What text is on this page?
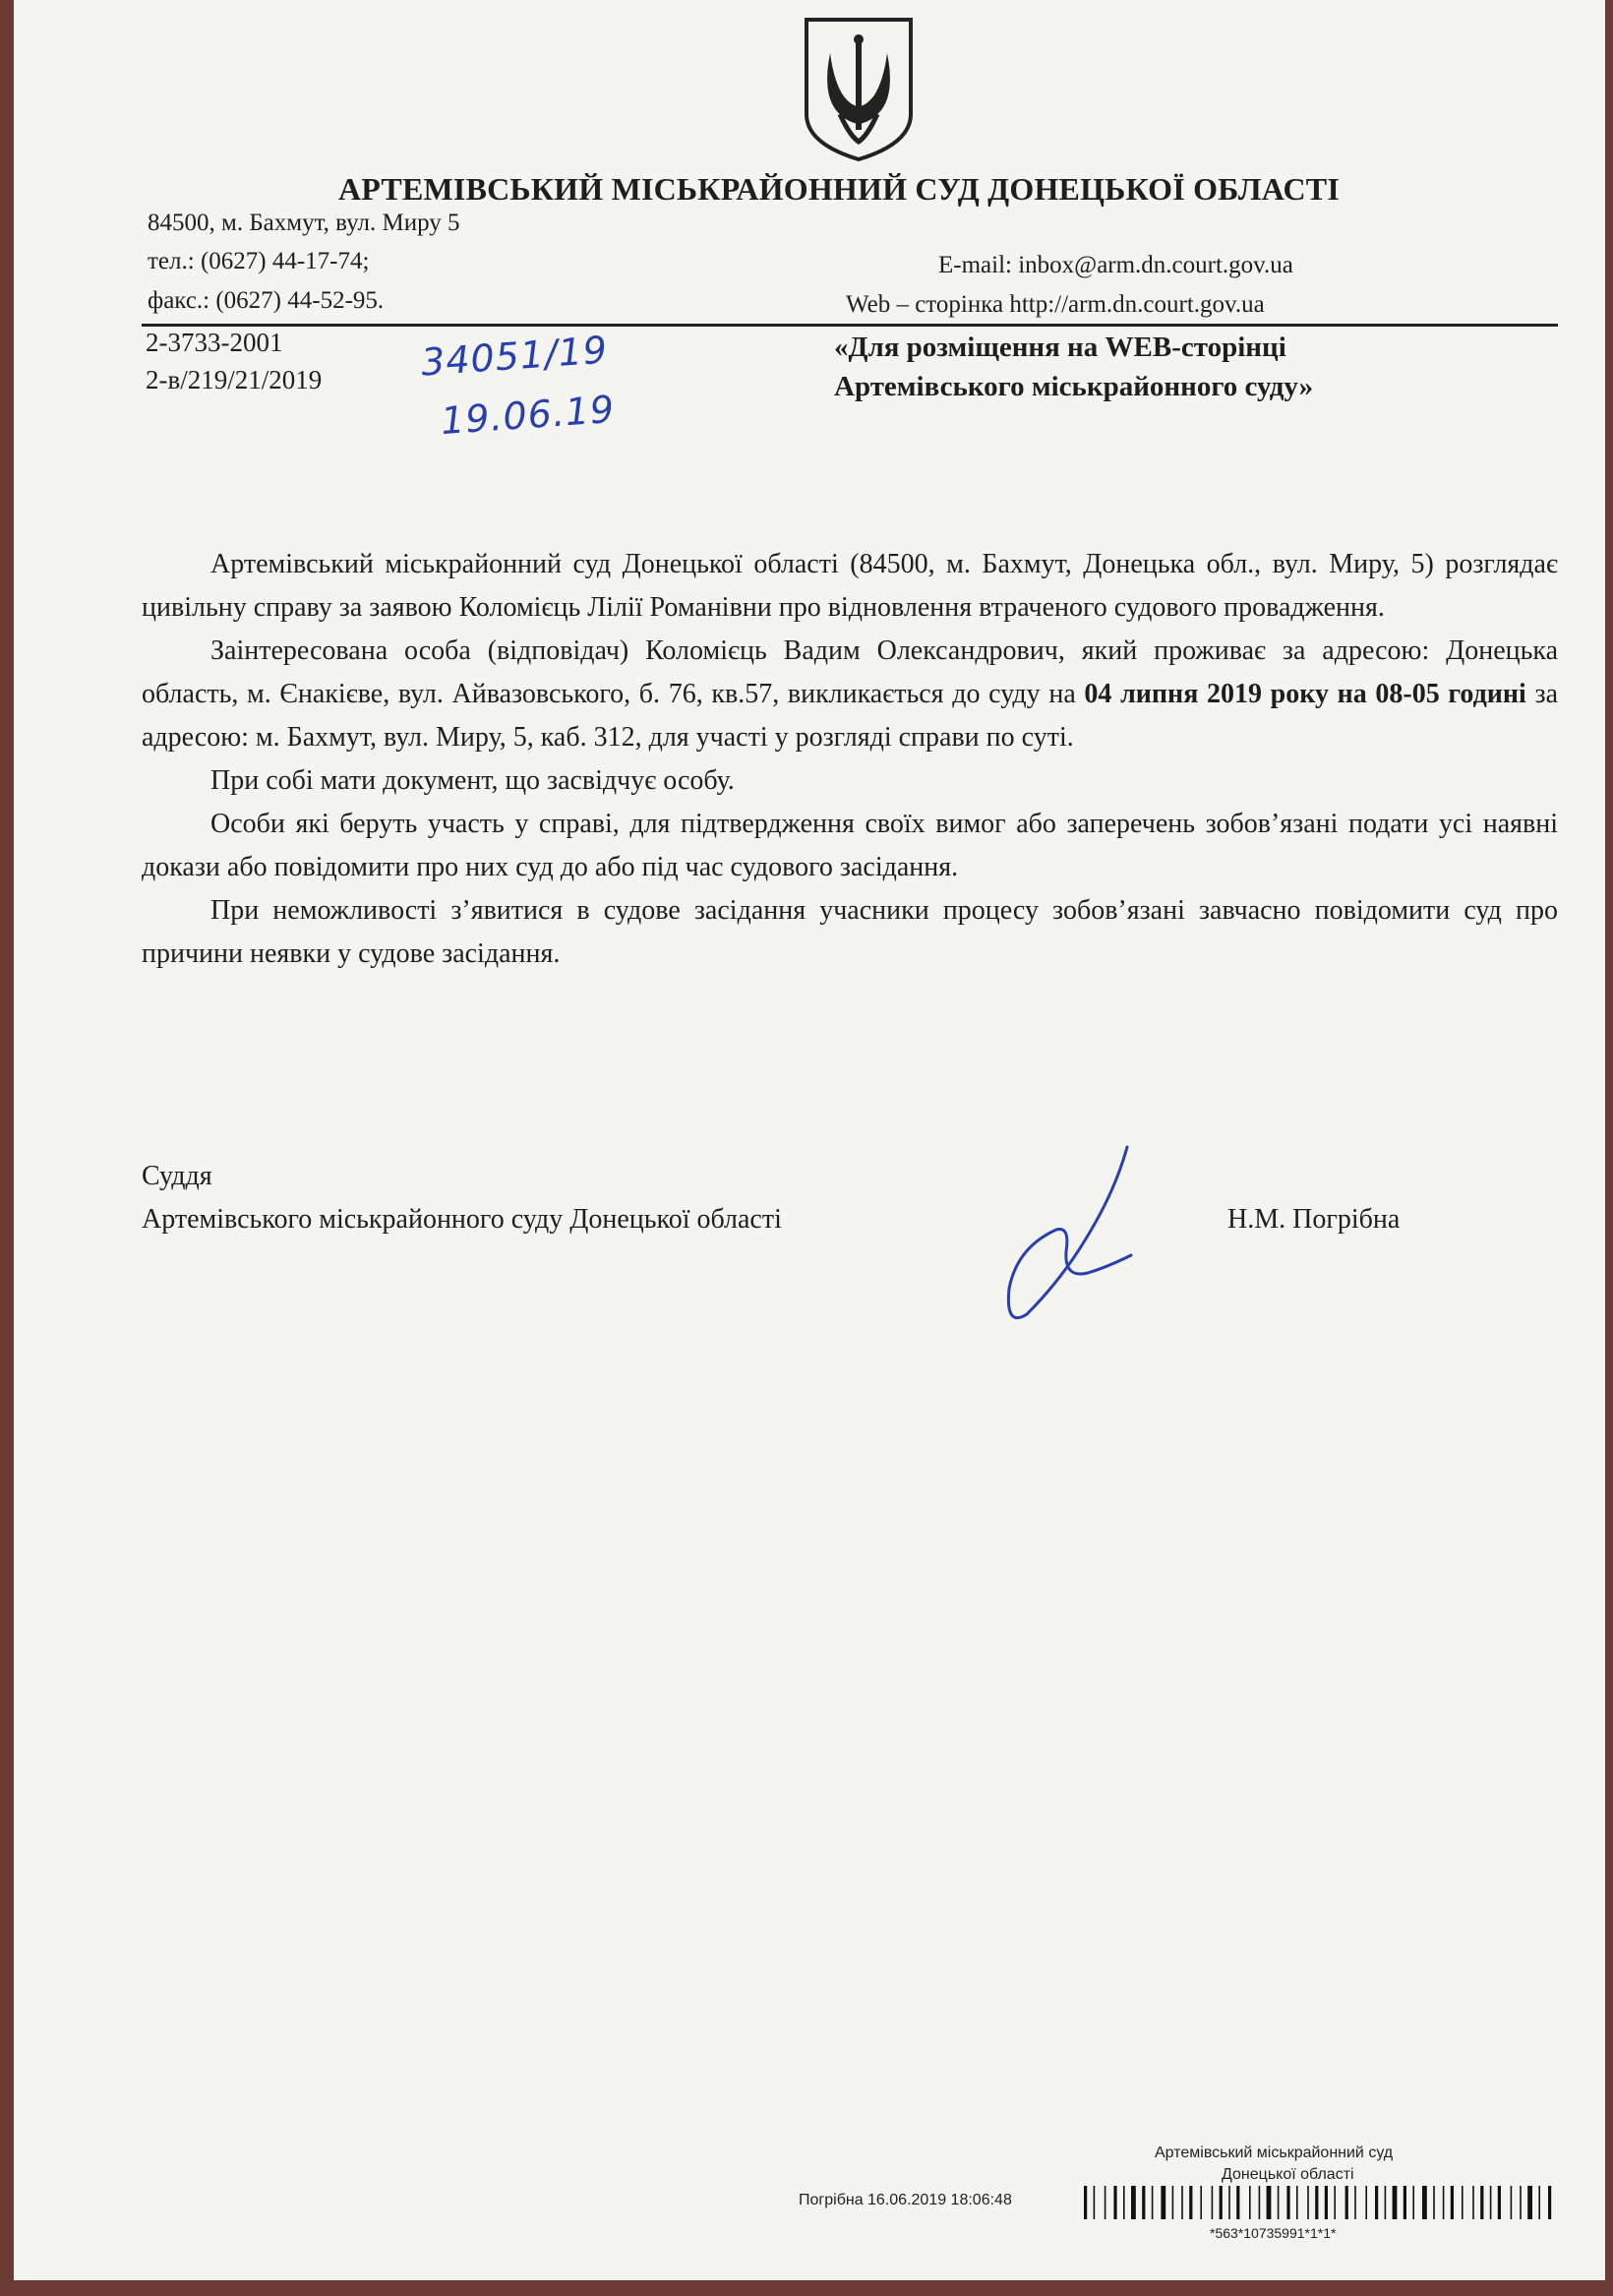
АРТЕМІВСЬКИЙ МІСЬКРАЙОННИЙ СУД ДОНЕЦЬКОЇ ОБЛАСТІ
84500, м. Бахмут, вул. Миру 5
тел.: (0627) 44-17-74;
факс.: (0627) 44-52-95.
E-mail: inbox@arm.dn.court.gov.ua
Web – сторінка http://arm.dn.court.gov.ua
2-3733-2001
2-в/219/21/2019	34051/19
19.06.19
«Для розміщення на WEB-сторінці
Артемівського міськрайонного суду»

Артемівський міськрайонний суд Донецької області (84500, м. Бахмут, Донецька обл., вул. Миру, 5) розглядає цивільну справу за заявою Коломієць Лілії Романівни про відновлення втраченого судового провадження.

Заінтересована особа (відповідач) Коломієць Вадим Олександрович, який проживає за адресою: Донецька область, м. Єнакієве, вул. Айвазовського, б. 76, кв.57, викликається до суду на 04 липня 2019 року на 08-05 годині за адресою: м. Бахмут, вул. Миру, 5, каб. 312, для участі у розгляді справи по суті.

При собі мати документ, що засвідчує особу.

Особи які беруть участь у справі, для підтвердження своїх вимог або заперечень зобов’язані подати усі наявні докази або повідомити про них суд до або під час судового засідання.

При неможливості з’явитися в судове засідання учасники процесу зобов’язані завчасно повідомити суд про причини неявки у судове засідання.

Суддя
Артемівського міськрайонного суду Донецької області	Н.М. Погрібна
Артемівський міськрайонний суд
Донецької області
Погрібна 16.06.2019 18:06:48
*563*10735991*1*1*
